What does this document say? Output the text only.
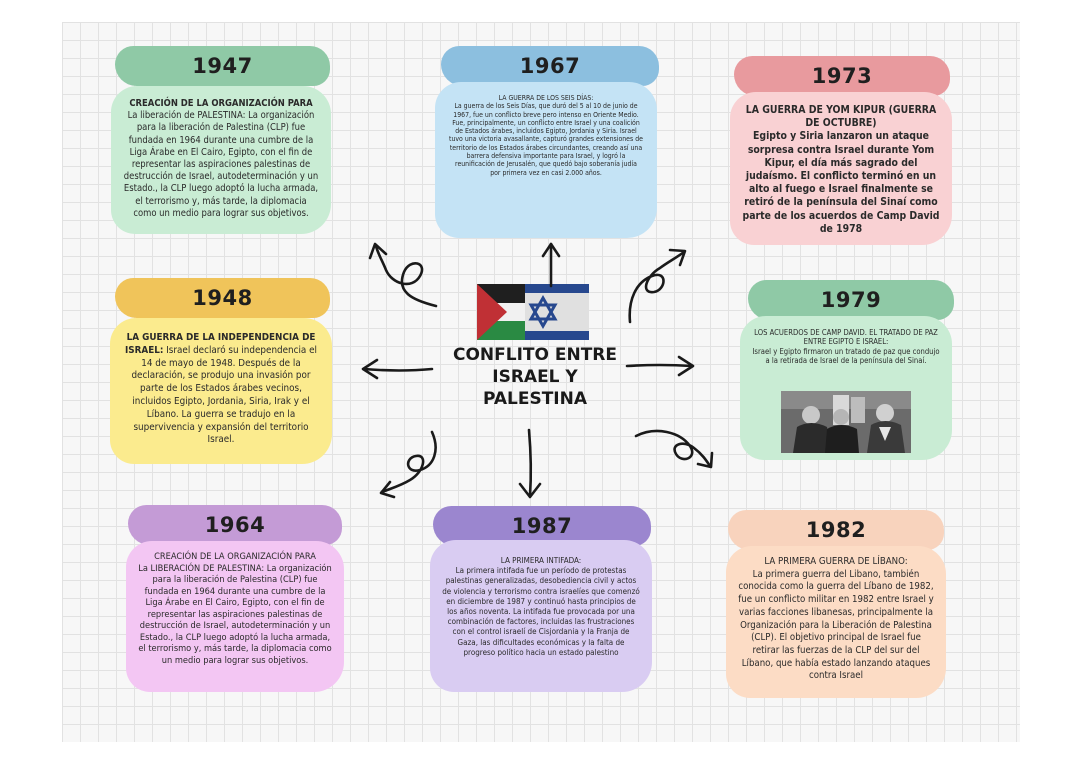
1947

CREACIÓN DE LA ORGANIZACIÓN PARA

La liberación de PALESTINA: La organización para la liberación de Palestina (CLP) fue fundada en 1964 durante una cumbre de la Liga Árabe en El Cairo, Egipto, con el fin de representar las aspiraciones palestinas de destrucción de Israel, autodeterminación y un Estado., la CLP luego adoptó la lucha armada, el terrorismo y, más tarde, la diplomacia como un medio para lograr sus objetivos.

1967

LA GUERRA DE LOS SEIS DÍAS:

La guerra de los Seis Días, que duró del 5 al 10 de junio de 1967, fue un conflicto breve pero intenso en Oriente Medio. Fue, principalmente, un conflicto entre Israel y una coalición de Estados árabes, incluidos Egipto, Jordania y Siria. Israel tuvo una victoria avasallante, capturó grandes extensiones de territorio de los Estados árabes circundantes, creando así una barrera defensiva importante para Israel, y logró la reunificación de Jerusalén, que quedó bajo soberanía judía por primera vez en casi 2.000 años.

1973

LA GUERRA DE YOM KIPUR (GUERRA DE OCTUBRE)

Egipto y Siria lanzaron un ataque sorpresa contra Israel durante Yom Kipur, el día más sagrado del judaísmo. El conflicto terminó en un alto al fuego e Israel finalmente se retiró de la península del Sinaí como parte de los acuerdos de Camp David de 1978

1948

LA GUERRA DE LA INDEPENDENCIA DE ISRAEL: Israel declaró su independencia el 14 de mayo de 1948. Después de la declaración, se produjo una invasión por parte de los Estados árabes vecinos, incluidos Egipto, Jordania, Siria, Irak y el Líbano. La guerra se tradujo en la supervivencia y expansión del territorio Israel.

1979

LOS ACUERDOS DE CAMP DAVID. EL TRATADO DE PAZ ENTRE EGIPTO E ISRAEL:

Israel y Egipto firmaron un tratado de paz que condujo a la retirada de Israel de la península del Sinaí.

1964

CREACIÓN DE LA ORGANIZACIÓN PARA

La LIBERACIÓN DE PALESTINA: La organización para la liberación de Palestina (CLP) fue fundada en 1964 durante una cumbre de la Liga Árabe en El Cairo, Egipto, con el fin de representar las aspiraciones palestinas de destrucción de Israel, autodeterminación y un Estado., la CLP luego adoptó la lucha armada, el terrorismo y, más tarde, la diplomacia como un medio para lograr sus objetivos.

1987

LA PRIMERA INTIFADA:

La primera intifada fue un período de protestas palestinas generalizadas, desobediencia civil y actos de violencia y terrorismo contra israelíes que comenzó en diciembre de 1987 y continuó hasta principios de los años noventa. La intifada fue provocada por una combinación de factores, incluidas las frustraciones con el control israelí de Cisjordania y la Franja de Gaza, las dificultades económicas y la falta de progreso político hacia un estado palestino

1982

LA PRIMERA GUERRA DE LÍBANO:

La primera guerra del Libano, también conocida como la guerra del Líbano de 1982, fue un conflicto militar en 1982 entre Israel y varias facciones libanesas, principalmente la Organización para la Liberación de Palestina (CLP). El objetivo principal de Israel fue retirar las fuerzas de la CLP del sur del Líbano, que había estado lanzando ataques contra Israel

CONFLITO ENTRE ISRAEL Y PALESTINA
